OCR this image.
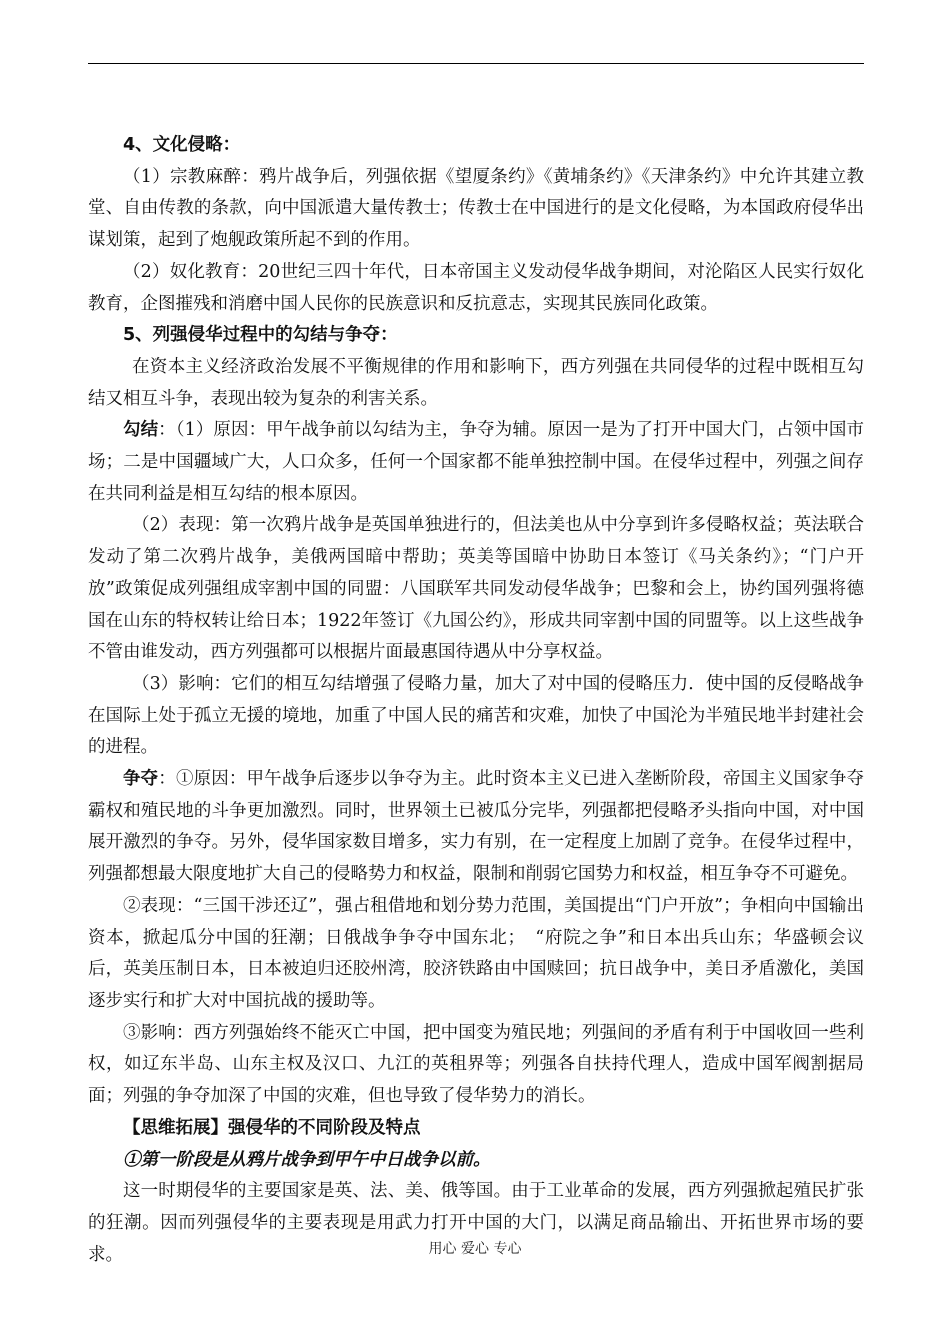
4、文化侵略：

（1）宗教麻醉：鸦片战争后，列强依据《望厦条约》《黄埔条约》《天津条约》中允许其建立教堂、自由传教的条款，向中国派遣大量传教士；传教士在中国进行的是文化侵略，为本国政府侵华出谋划策，起到了炮舰政策所起不到的作用。

（2）奴化教育：20世纪三四十年代，日本帝国主义发动侵华战争期间，对沦陷区人民实行奴化教育，企图摧残和消磨中国人民你的民族意识和反抗意志，实现其民族同化政策。

5、列强侵华过程中的勾结与争夺：

在资本主义经济政治发展不平衡规律的作用和影响下，西方列强在共同侵华的过程中既相互勾结又相互斗争，表现出较为复杂的利害关系。

勾结：（1）原因：甲午战争前以勾结为主，争夺为辅。原因一是为了打开中国大门，占领中国市场；二是中国疆域广大，人口众多，任何一个国家都不能单独控制中国。在侵华过程中，列强之间存在共同利益是相互勾结的根本原因。

（2）表现：第一次鸦片战争是英国单独进行的，但法美也从中分享到许多侵略权益；英法联合发动了第二次鸦片战争，美俄两国暗中帮助；英美等国暗中协助日本签订《马关条约》；“门户开放”政策促成列强组成宰割中国的同盟：八国联军共同发动侵华战争；巴黎和会上，协约国列强将德国在山东的特权转让给日本；1922年签订《九国公约》，形成共同宰割中国的同盟等。以上这些战争不管由谁发动，西方列强都可以根据片面最惠国待遇从中分享权益。

（3）影响：它们的相互勾结增强了侵略力量，加大了对中国的侵略压力．使中国的反侵略战争在国际上处于孤立无援的境地，加重了中国人民的痛苦和灾难，加快了中国沦为半殖民地半封建社会的进程。

争夺：①原因：甲午战争后逐步以争夺为主。此时资本主义已进入垄断阶段，帝国主义国家争夺霸权和殖民地的斗争更加激烈。同时，世界领土已被瓜分完毕，列强都把侵略矛头指向中国，对中国展开激烈的争夺。另外，侵华国家数目增多，实力有别，在一定程度上加剧了竞争。在侵华过程中，列强都想最大限度地扩大自己的侵略势力和权益，限制和削弱它国势力和权益，相互争夺不可避免。

②表现：“三国干涉还辽”，强占租借地和划分势力范围，美国提出“门户开放”；争相向中国输出资本，掀起瓜分中国的狂潮；日俄战争争夺中国东北；　“府院之争”和日本出兵山东；华盛顿会议后，英美压制日本，日本被迫归还胶州湾，胶济铁路由中国赎回；抗日战争中，美日矛盾激化，美国逐步实行和扩大对中国抗战的援助等。

③影响：西方列强始终不能灭亡中国，把中国变为殖民地；列强间的矛盾有利于中国收回一些利权，如辽东半岛、山东主权及汉口、九江的英租界等；列强各自扶持代理人，造成中国军阀割据局面；列强的争夺加深了中国的灾难，但也导致了侵华势力的消长。

【思维拓展】强侵华的不同阶段及特点

①第一阶段是从鸦片战争到甲午中日战争以前。

这一时期侵华的主要国家是英、法、美、俄等国。由于工业革命的发展，西方列强掀起殖民扩张的狂潮。因而列强侵华的主要表现是用武力打开中国的大门，以满足商品输出、开拓世界市场的要求。	用心 爱心 专心
